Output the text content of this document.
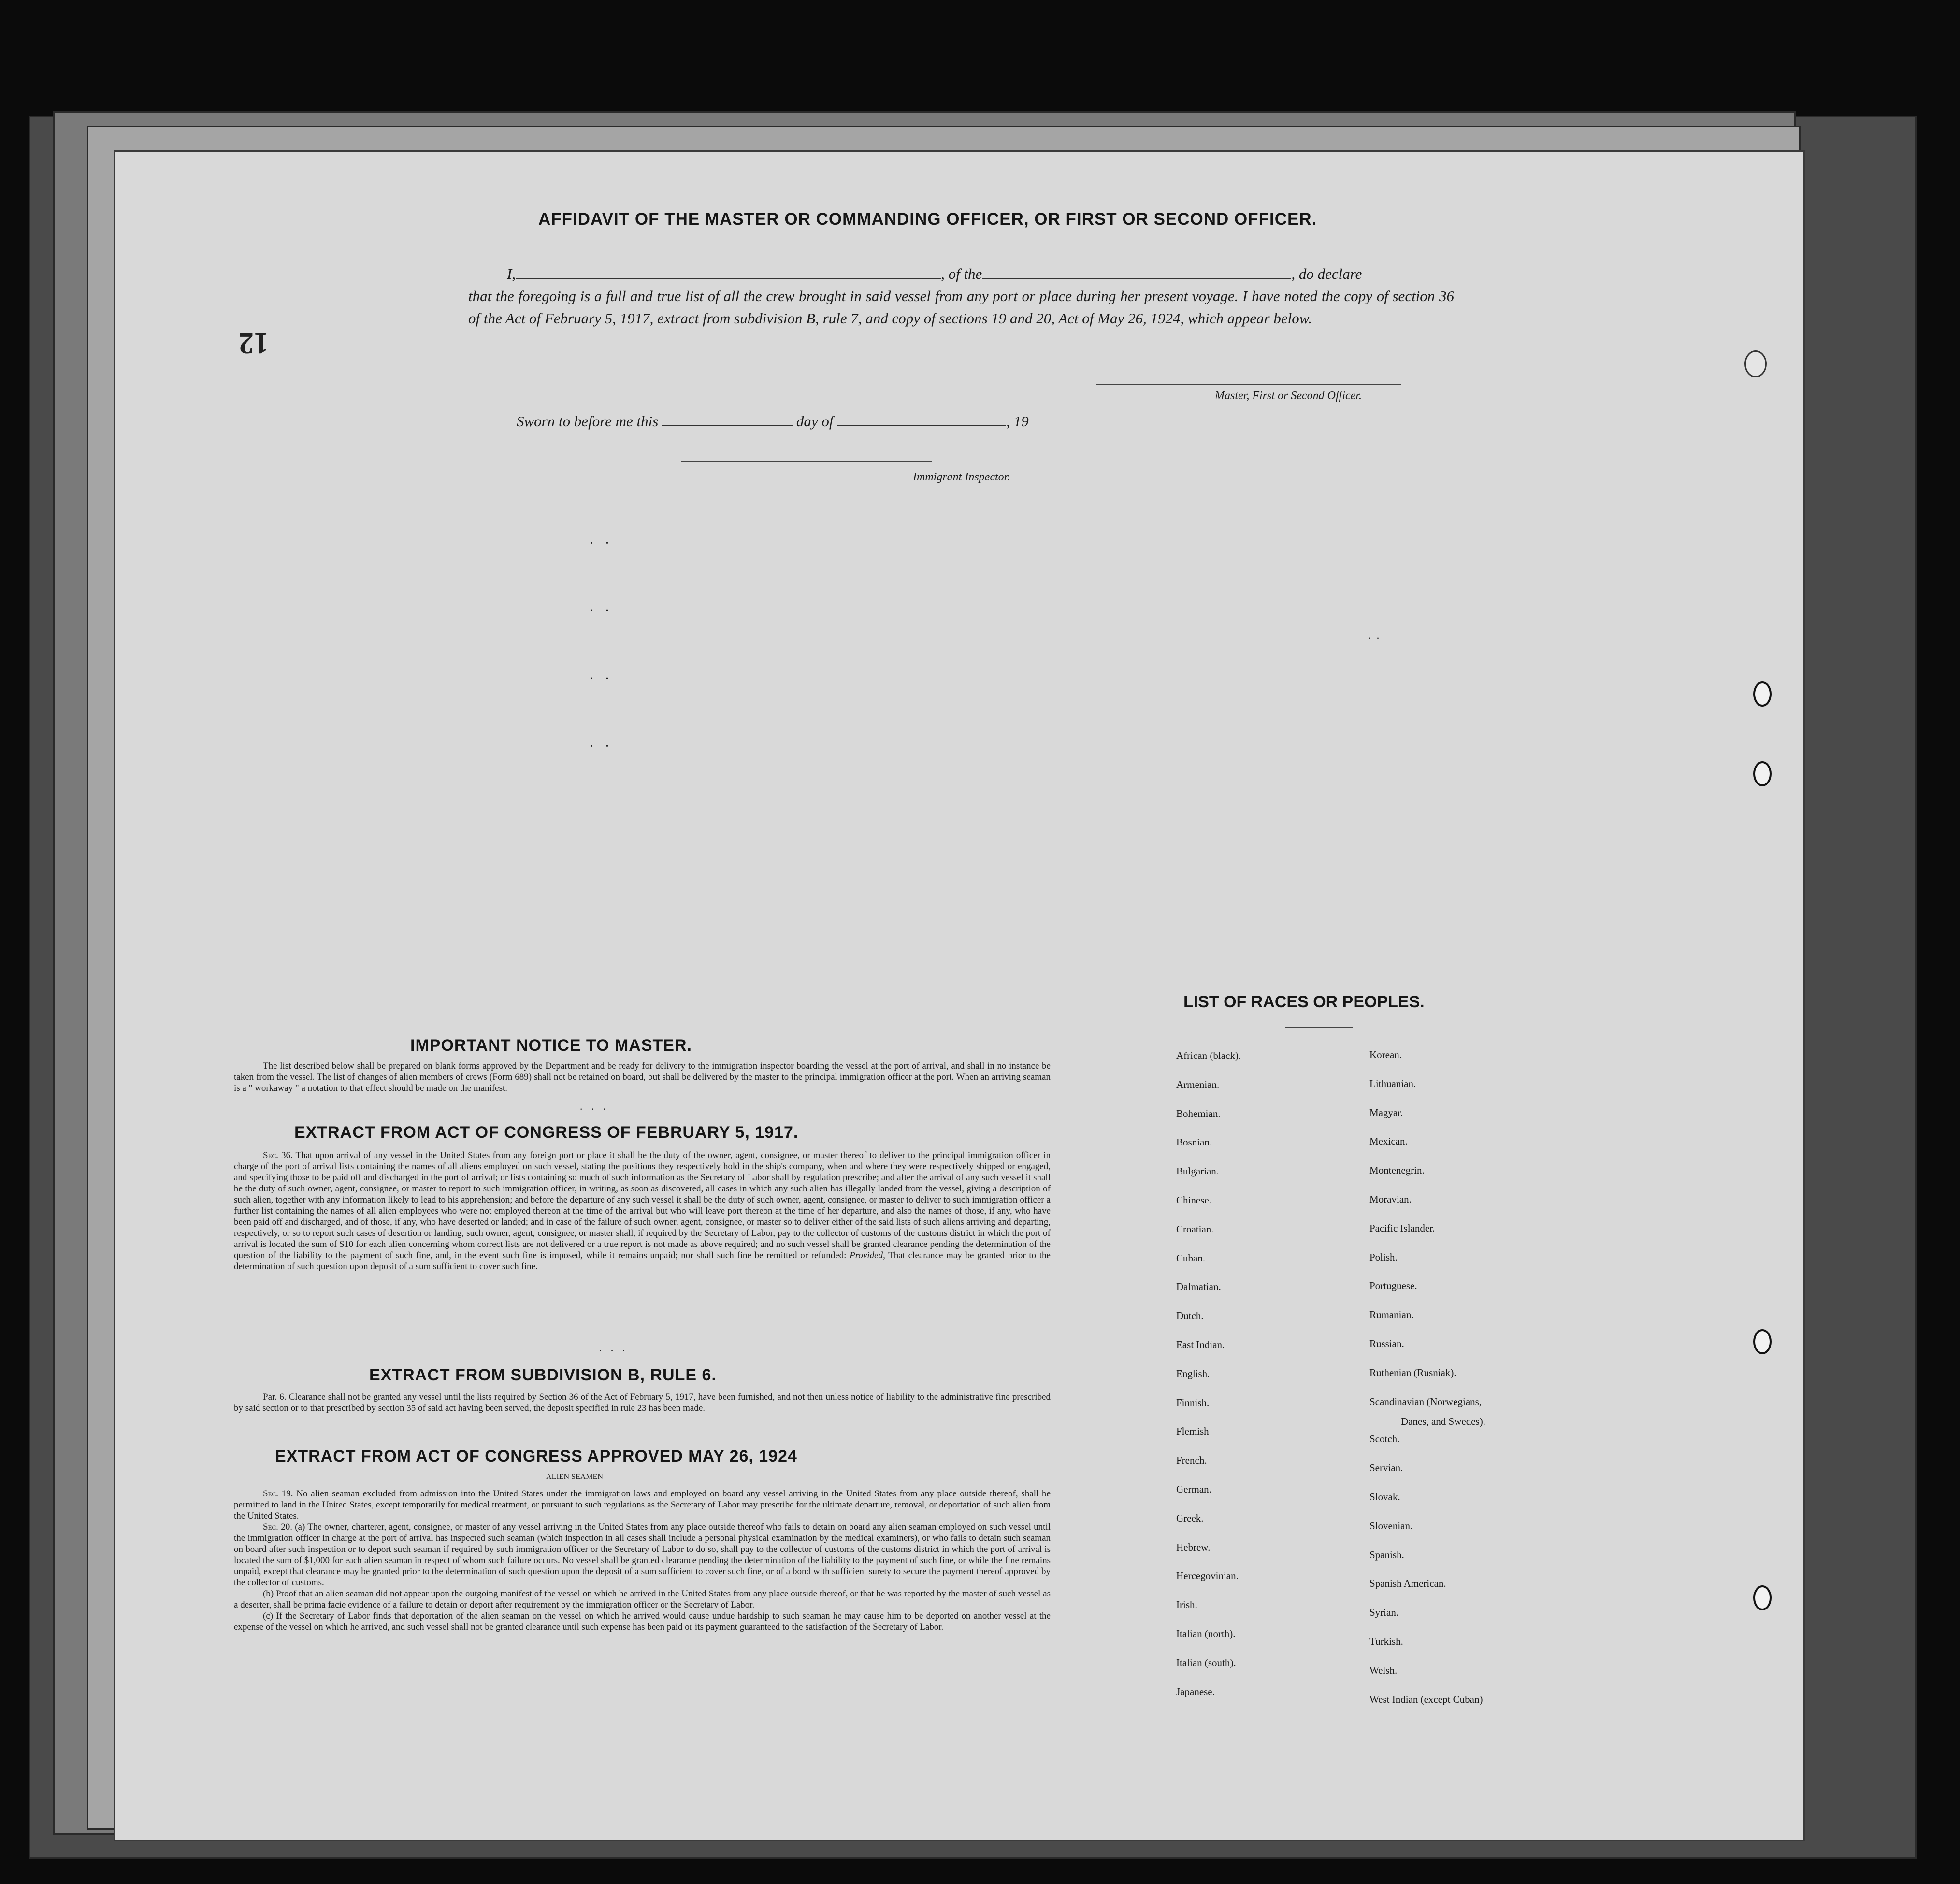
12
AFFIDAVIT OF THE MASTER OR COMMANDING OFFICER, OR FIRST OR SECOND OFFICER.
I,	, of the	, do declare
that the foregoing is a full and true list of all the crew brought in said vessel from any port or place during her present voyage. I have noted the copy of section 36 of the Act of February 5, 1917, extract from subdivision B, rule 7, and copy of sections 19 and 20, Act of May 26, 1924, which appear below.
Master, First or Second Officer.
Sworn to before me this	day of	, 19
Immigrant Inspector.
·   ·
·   ·
·   ·
·   ·
· ·
IMPORTANT NOTICE TO MASTER.
The list described below shall be prepared on blank forms approved by the Department and be ready for delivery to the immigration inspector boarding the vessel at the port of arrival, and shall in no instance be taken from the vessel. The list of changes of alien members of crews (Form 689) shall not be retained on board, but shall be delivered by the master to the principal immigration officer at the port. When an arriving seaman is a " workaway " a notation to that effect should be made on the manifest.
·   ·   ·
EXTRACT FROM ACT OF CONGRESS OF FEBRUARY 5, 1917.
Sec. 36. That upon arrival of any vessel in the United States from any foreign port or place it shall be the duty of the owner, agent, consignee, or master thereof to deliver to the principal immigration officer in charge of the port of arrival lists containing the names of all aliens employed on such vessel, stating the positions they respectively hold in the ship's company, when and where they were respectively shipped or engaged, and specifying those to be paid off and discharged in the port of arrival; or lists containing so much of such information as the Secretary of Labor shall by regulation prescribe; and after the arrival of any such vessel it shall be the duty of such owner, agent, consignee, or master to report to such immigration officer, in writing, as soon as discovered, all cases in which any such alien has illegally landed from the vessel, giving a description of such alien, together with any information likely to lead to his apprehension; and before the departure of any such vessel it shall be the duty of such owner, agent, consignee, or master to deliver to such immigration officer a further list containing the names of all alien employees who were not employed thereon at the time of the arrival but who will leave port thereon at the time of her departure, and also the names of those, if any, who have been paid off and discharged, and of those, if any, who have deserted or landed; and in case of the failure of such owner, agent, consignee, or master so to deliver either of the said lists of such aliens arriving and departing, respectively, or so to report such cases of desertion or landing, such owner, agent, consignee, or master shall, if required by the Secretary of Labor, pay to the collector of customs of the customs district in which the port of arrival is located the sum of $10 for each alien concerning whom correct lists are not delivered or a true report is not made as above required; and no such vessel shall be granted clearance pending the determination of the question of the liability to the payment of such fine, and, in the event such fine is imposed, while it remains unpaid; nor shall such fine be remitted or refunded: Provided, That clearance may be granted prior to the determination of such question upon deposit of a sum sufficient to cover such fine.
·   ·   ·
EXTRACT FROM SUBDIVISION B, RULE 6.
Par. 6. Clearance shall not be granted any vessel until the lists required by Section 36 of the Act of February 5, 1917, have been furnished, and not then unless notice of liability to the administrative fine prescribed by said section or to that prescribed by section 35 of said act having been served, the deposit specified in rule 23 has been made.
EXTRACT FROM ACT OF CONGRESS APPROVED MAY 26, 1924
ALIEN SEAMEN
Sec. 19. No alien seaman excluded from admission into the United States under the immigration laws and employed on board any vessel arriving in the United States from any place outside thereof, shall be permitted to land in the United States, except temporarily for medical treatment, or pursuant to such regulations as the Secretary of Labor may prescribe for the ultimate departure, removal, or deportation of such alien from the United States.
Sec. 20. (a) The owner, charterer, agent, consignee, or master of any vessel arriving in the United States from any place outside thereof who fails to detain on board any alien seaman employed on such vessel until the immigration officer in charge at the port of arrival has inspected such seaman (which inspection in all cases shall include a personal physical examination by the medical examiners), or who fails to detain such seaman on board after such inspection or to deport such seaman if required by such immigration officer or the Secretary of Labor to do so, shall pay to the collector of customs of the customs district in which the port of arrival is located the sum of $1,000 for each alien seaman in respect of whom such failure occurs. No vessel shall be granted clearance pending the determination of the liability to the payment of such fine, or while the fine remains unpaid, except that clearance may be granted prior to the determination of such question upon the deposit of a sum sufficient to cover such fine, or of a bond with sufficient surety to secure the payment thereof approved by the collector of customs.
(b) Proof that an alien seaman did not appear upon the outgoing manifest of the vessel on which he arrived in the United States from any place outside thereof, or that he was reported by the master of such vessel as a deserter, shall be prima facie evidence of a failure to detain or deport after requirement by the immigration officer or the Secretary of Labor.
(c) If the Secretary of Labor finds that deportation of the alien seaman on the vessel on which he arrived would cause undue hardship to such seaman he may cause him to be deported on another vessel at the expense of the vessel on which he arrived, and such vessel shall not be granted clearance until such expense has been paid or its payment guaranteed to the satisfaction of the Secretary of Labor.
LIST OF RACES OR PEOPLES.
Danes, and Swedes).
African (black).
Armenian.
Bohemian.
Bosnian.
Bulgarian.
Chinese.
Croatian.
Cuban.
Dalmatian.
Dutch.
East Indian.
English.
Finnish.
Flemish
French.
German.
Greek.
Hebrew.
Hercegovinian.
Irish.
Italian (north).
Italian (south).
Japanese.
Korean.
Lithuanian.
Magyar.
Mexican.
Montenegrin.
Moravian.
Pacific Islander.
Polish.
Portuguese.
Rumanian.
Russian.
Ruthenian (Rusniak).
Scandinavian (Norwegians,
Scotch.
Servian.
Slovak.
Slovenian.
Spanish.
Spanish American.
Syrian.
Turkish.
Welsh.
West Indian (except Cuban)
